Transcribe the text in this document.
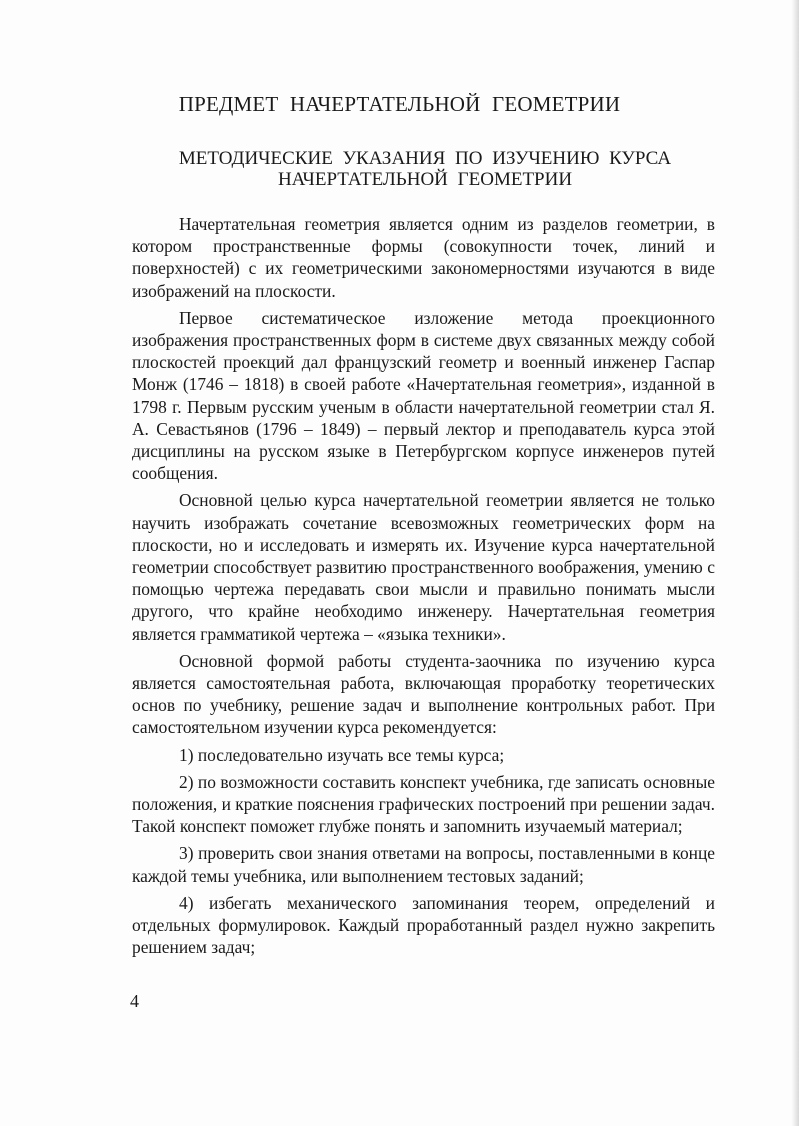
ПРЕДМЕТ НАЧЕРТАТЕЛЬНОЙ ГЕОМЕТРИИ
МЕТОДИЧЕСКИЕ УКАЗАНИЯ ПО ИЗУЧЕНИЮ КУРСА
НАЧЕРТАТЕЛЬНОЙ ГЕОМЕТРИИ

Начертательная геометрия является одним из разделов геометрии, в котором пространственные формы (совокупности точек, линий и поверхностей) с их геометрическими закономерностями изучаются в виде изображений на плоскости.

Первое систематическое изложение метода проекционного изображения пространственных форм в системе двух связанных между собой плоскостей проекций дал французский геометр и военный инженер Гаспар Монж (1746 – 1818) в своей работе «Начертательная геометрия», изданной в 1798 г. Первым русским ученым в области начертательной геометрии стал Я. А. Севастьянов (1796 – 1849) – первый лектор и преподаватель курса этой дисциплины на русском языке в Петербургском корпусе инженеров путей сообщения.

Основной целью курса начертательной геометрии является не только научить изображать сочетание всевозможных геометрических форм на плоскости, но и исследовать и измерять их. Изучение курса начертательной геометрии способствует развитию пространственного воображения, умению с помощью чертежа передавать свои мысли и правильно понимать мысли другого, что крайне необходимо инженеру. Начертательная геометрия является грамматикой чертежа – «языка техники».

Основной формой работы студента-заочника по изучению курса является самостоятельная работа, включающая проработку теоретических основ по учебнику, решение задач и выполнение контрольных работ. При самостоятельном изучении курса рекомендуется:

1) последовательно изучать все темы курса;

2) по возможности составить конспект учебника, где записать основные положения, и краткие пояснения графических построений при решении задач. Такой конспект поможет глубже понять и запомнить изучаемый материал;

3) проверить свои знания ответами на вопросы, поставленными в конце каждой темы учебника, или выполнением тестовых заданий;

4) избегать механического запоминания теорем, определений и отдельных формулировок. Каждый проработанный раздел нужно закрепить решением задач;

4
